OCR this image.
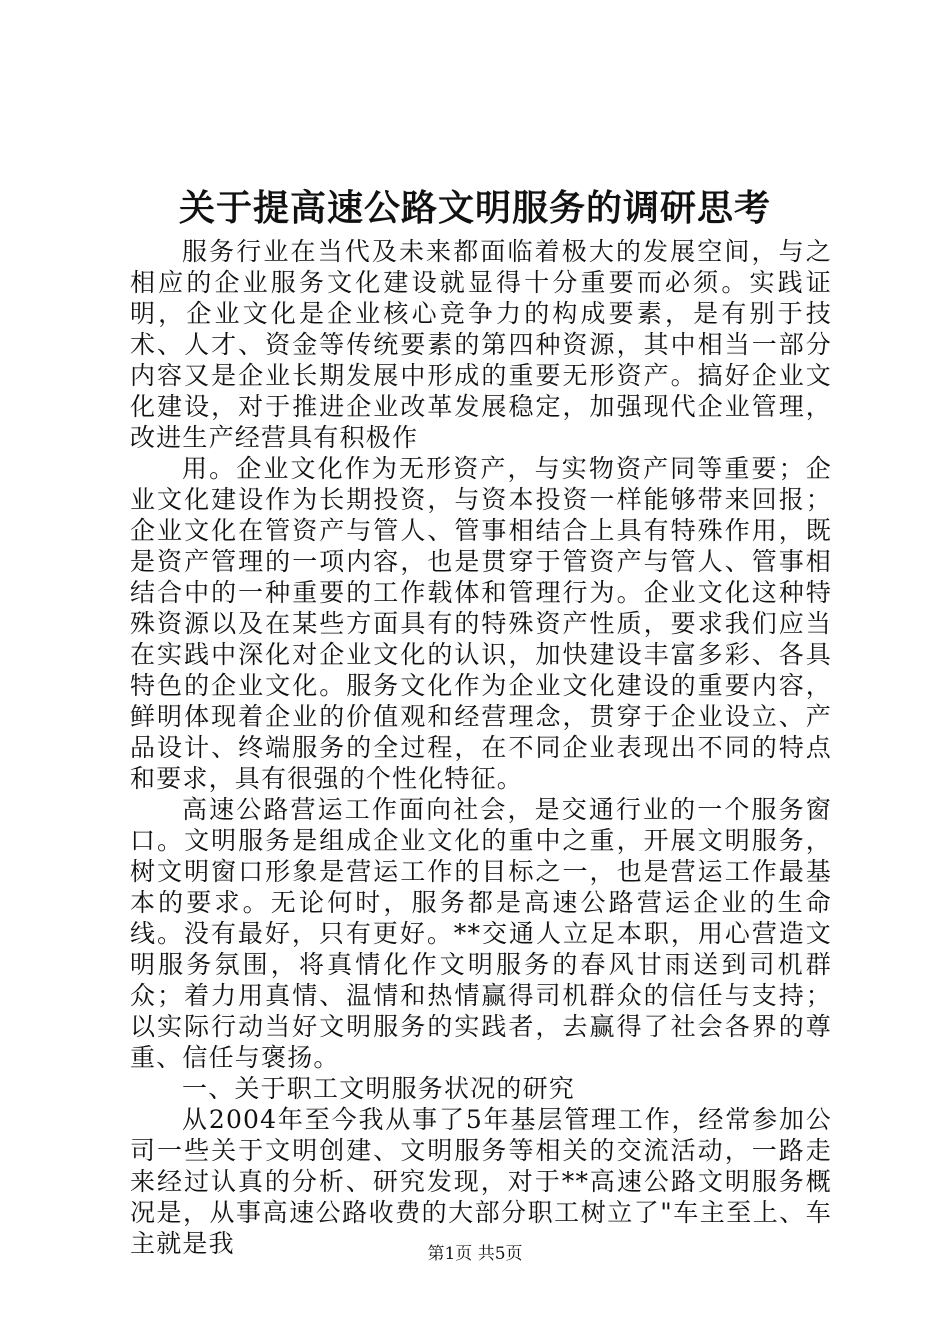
关于提高速公路文明服务的调研思考

服务行业在当代及未来都面临着极大的发展空间，与之相应的企业服务文化建设就显得十分重要而必须。实践证明，企业文化是企业核心竞争力的构成要素，是有别于技术、人才、资金等传统要素的第四种资源，其中相当一部分内容又是企业长期发展中形成的重要无形资产。搞好企业文化建设，对于推进企业改革发展稳定，加强现代企业管理，改进生产经营具有积极作

用。企业文化作为无形资产，与实物资产同等重要；企业文化建设作为长期投资，与资本投资一样能够带来回报；企业文化在管资产与管人、管事相结合上具有特殊作用，既是资产管理的一项内容，也是贯穿于管资产与管人、管事相结合中的一种重要的工作载体和管理行为。企业文化这种特殊资源以及在某些方面具有的特殊资产性质，要求我们应当在实践中深化对企业文化的认识，加快建设丰富多彩、各具特色的企业文化。服务文化作为企业文化建设的重要内容，鲜明体现着企业的价值观和经营理念，贯穿于企业设立、产品设计、终端服务的全过程，在不同企业表现出不同的特点和要求，具有很强的个性化特征。

高速公路营运工作面向社会，是交通行业的一个服务窗口。文明服务是组成企业文化的重中之重，开展文明服务，树文明窗口形象是营运工作的目标之一，也是营运工作最基本的要求。无论何时，服务都是高速公路营运企业的生命线。没有最好，只有更好。**交通人立足本职，用心营造文明服务氛围，将真情化作文明服务的春风甘雨送到司机群众；着力用真情、温情和热情赢得司机群众的信任与支持；以实际行动当好文明服务的实践者，去赢得了社会各界的尊重、信任与褒扬。

一、关于职工文明服务状况的研究

从2004年至今我从事了5年基层管理工作，经常参加公司一些关于文明创建、文明服务等相关的交流活动，一路走来经过认真的分析、研究发现，对于**高速公路文明服务概况是，从事高速公路收费的大部分职工树立了"车主至上、车主就是我	第1页 共5页
